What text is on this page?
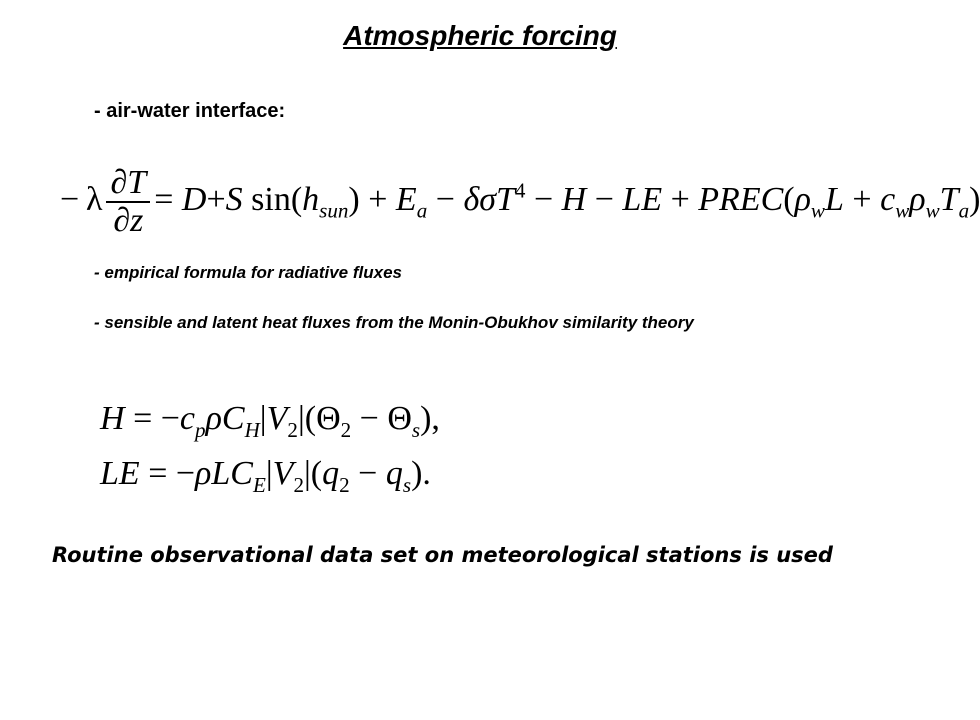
Atmospheric forcing
- air-water interface:
− λ $\frac{\partial T}{\partial z} = D+S$ $\sin(h_{sun}) + E_a - \delta\sigma T^4 - H$ − LE + $PREC(\rho_wL + c_w\rho_wT_a)$
- empirical formula for radiative fluxes
- sensible and latent heat fluxes from the Monin-Obukhov similarity theory
$H = -c_p\rho C_H|V_2|(\Theta_2 - \Theta_s)$,
LE = $-\rho LC_E|V_2|(q_2 - q_s)$.
Routine observational data set on meteorological stations is used
